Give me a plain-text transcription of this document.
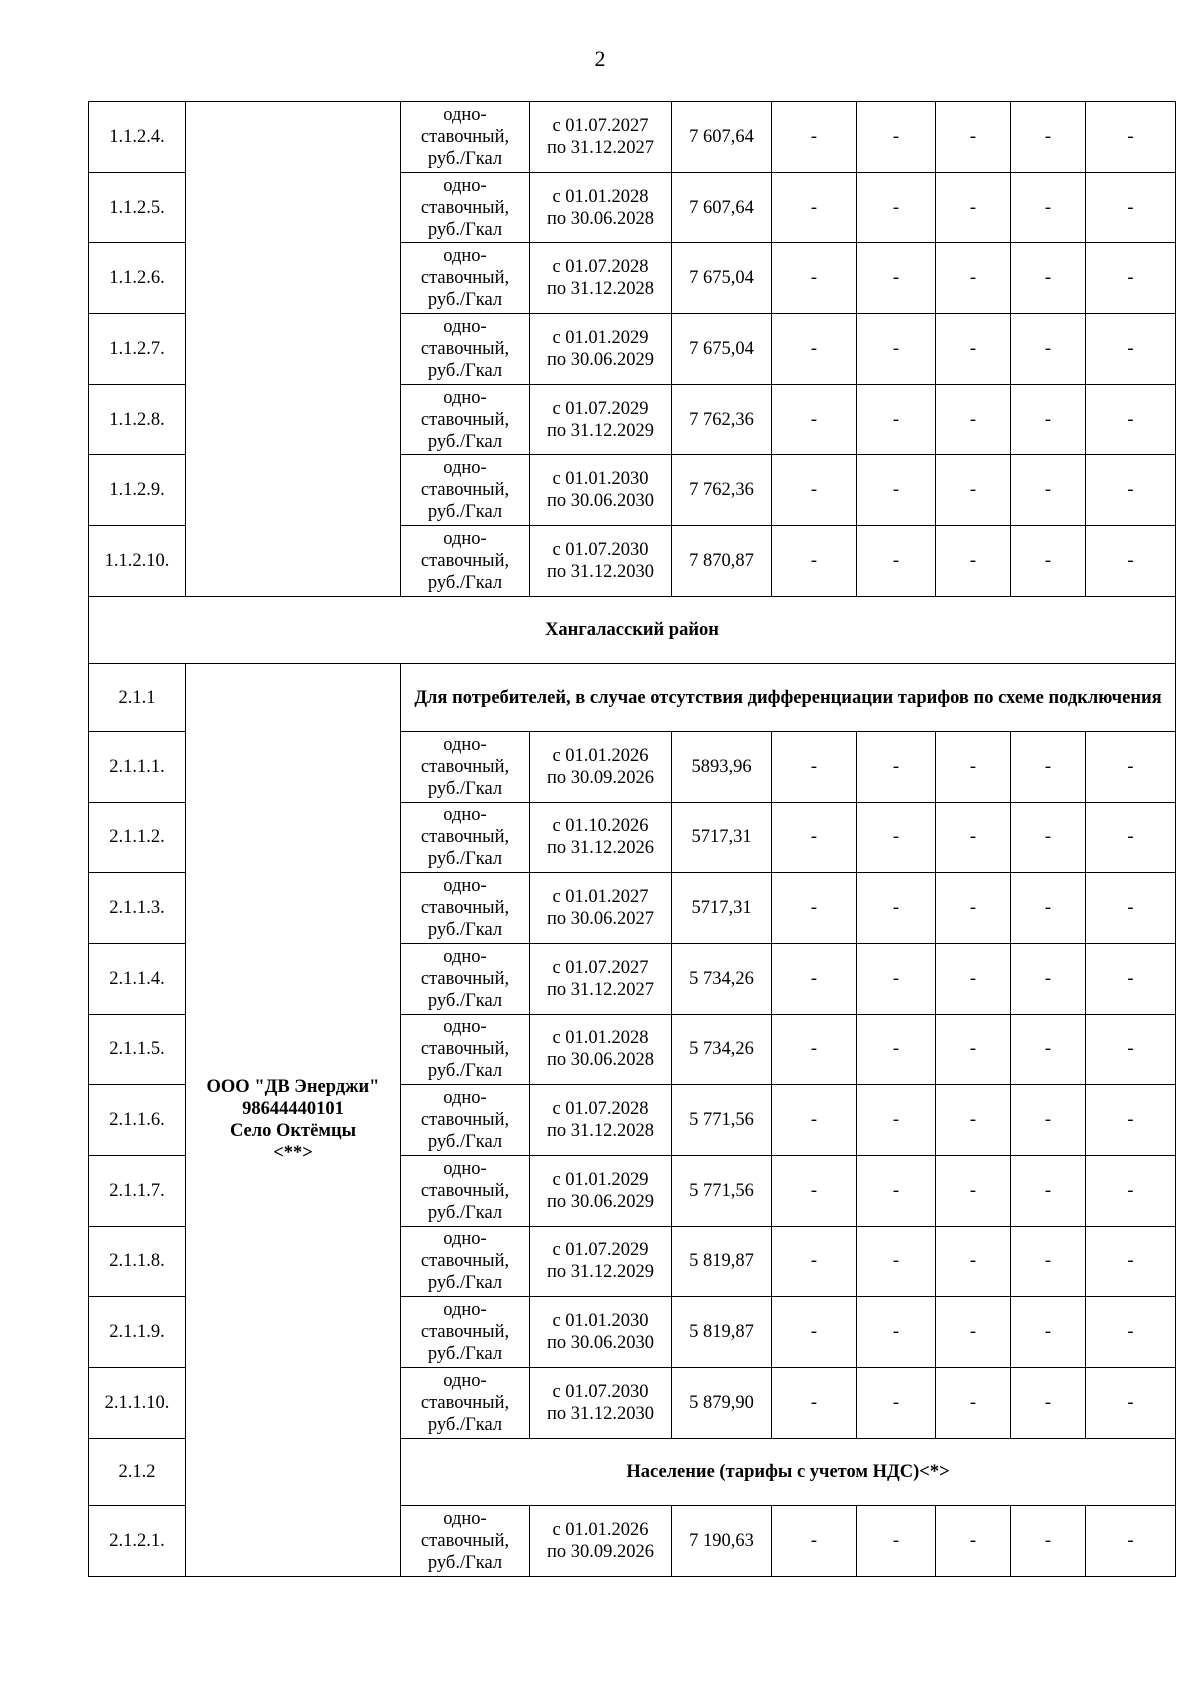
2
1.1.2.4.		одно-
ставочный,
руб./Гкал	с 01.07.2027
по 31.12.2027	7 607,64	-	-	-	-	-
1.1.2.5.		одно-
ставочный,
руб./Гкал	с 01.01.2028
по 30.06.2028	7 607,64	-	-	-	-	-
1.1.2.6.		одно-
ставочный,
руб./Гкал	с 01.07.2028
по 31.12.2028	7 675,04	-	-	-	-	-
1.1.2.7.		одно-
ставочный,
руб./Гкал	с 01.01.2029
по 30.06.2029	7 675,04	-	-	-	-	-
1.1.2.8.		одно-
ставочный,
руб./Гкал	с 01.07.2029
по 31.12.2029	7 762,36	-	-	-	-	-
1.1.2.9.		одно-
ставочный,
руб./Гкал	с 01.01.2030
по 30.06.2030	7 762,36	-	-	-	-	-
1.1.2.10.		одно-
ставочный,
руб./Гкал	с 01.07.2030
по 31.12.2030	7 870,87	-	-	-	-	-
Хангаласский район									
2.1.1	ООО "ДВ Энерджи"
98644440101
Село Октёмцы
<**>	Для потребителей, в случае отсутствия дифференциации тарифов по схеме подключения							
2.1.1.1.		одно-
ставочный,
руб./Гкал	с 01.01.2026
по 30.09.2026	5893,96	-	-	-	-	-
2.1.1.2.		одно-
ставочный,
руб./Гкал	с 01.10.2026
по 31.12.2026	5717,31	-	-	-	-	-
2.1.1.3.		одно-
ставочный,
руб./Гкал	с 01.01.2027
по 30.06.2027	5717,31	-	-	-	-	-
2.1.1.4.		одно-
ставочный,
руб./Гкал	с 01.07.2027
по 31.12.2027	5 734,26	-	-	-	-	-
2.1.1.5.		одно-
ставочный,
руб./Гкал	с 01.01.2028
по 30.06.2028	5 734,26	-	-	-	-	-
2.1.1.6.		одно-
ставочный,
руб./Гкал	с 01.07.2028
по 31.12.2028	5 771,56	-	-	-	-	-
2.1.1.7.		одно-
ставочный,
руб./Гкал	с 01.01.2029
по 30.06.2029	5 771,56	-	-	-	-	-
2.1.1.8.		одно-
ставочный,
руб./Гкал	с 01.07.2029
по 31.12.2029	5 819,87	-	-	-	-	-
2.1.1.9.		одно-
ставочный,
руб./Гкал	с 01.01.2030
по 30.06.2030	5 819,87	-	-	-	-	-
2.1.1.10.		одно-
ставочный,
руб./Гкал	с 01.07.2030
по 31.12.2030	5 879,90	-	-	-	-	-
2.1.2		Население (тарифы с учетом НДС)<*>							
2.1.2.1.		одно-
ставочный,
руб./Гкал	с 01.01.2026
по 30.09.2026	7 190,63	-	-	-	-	-
